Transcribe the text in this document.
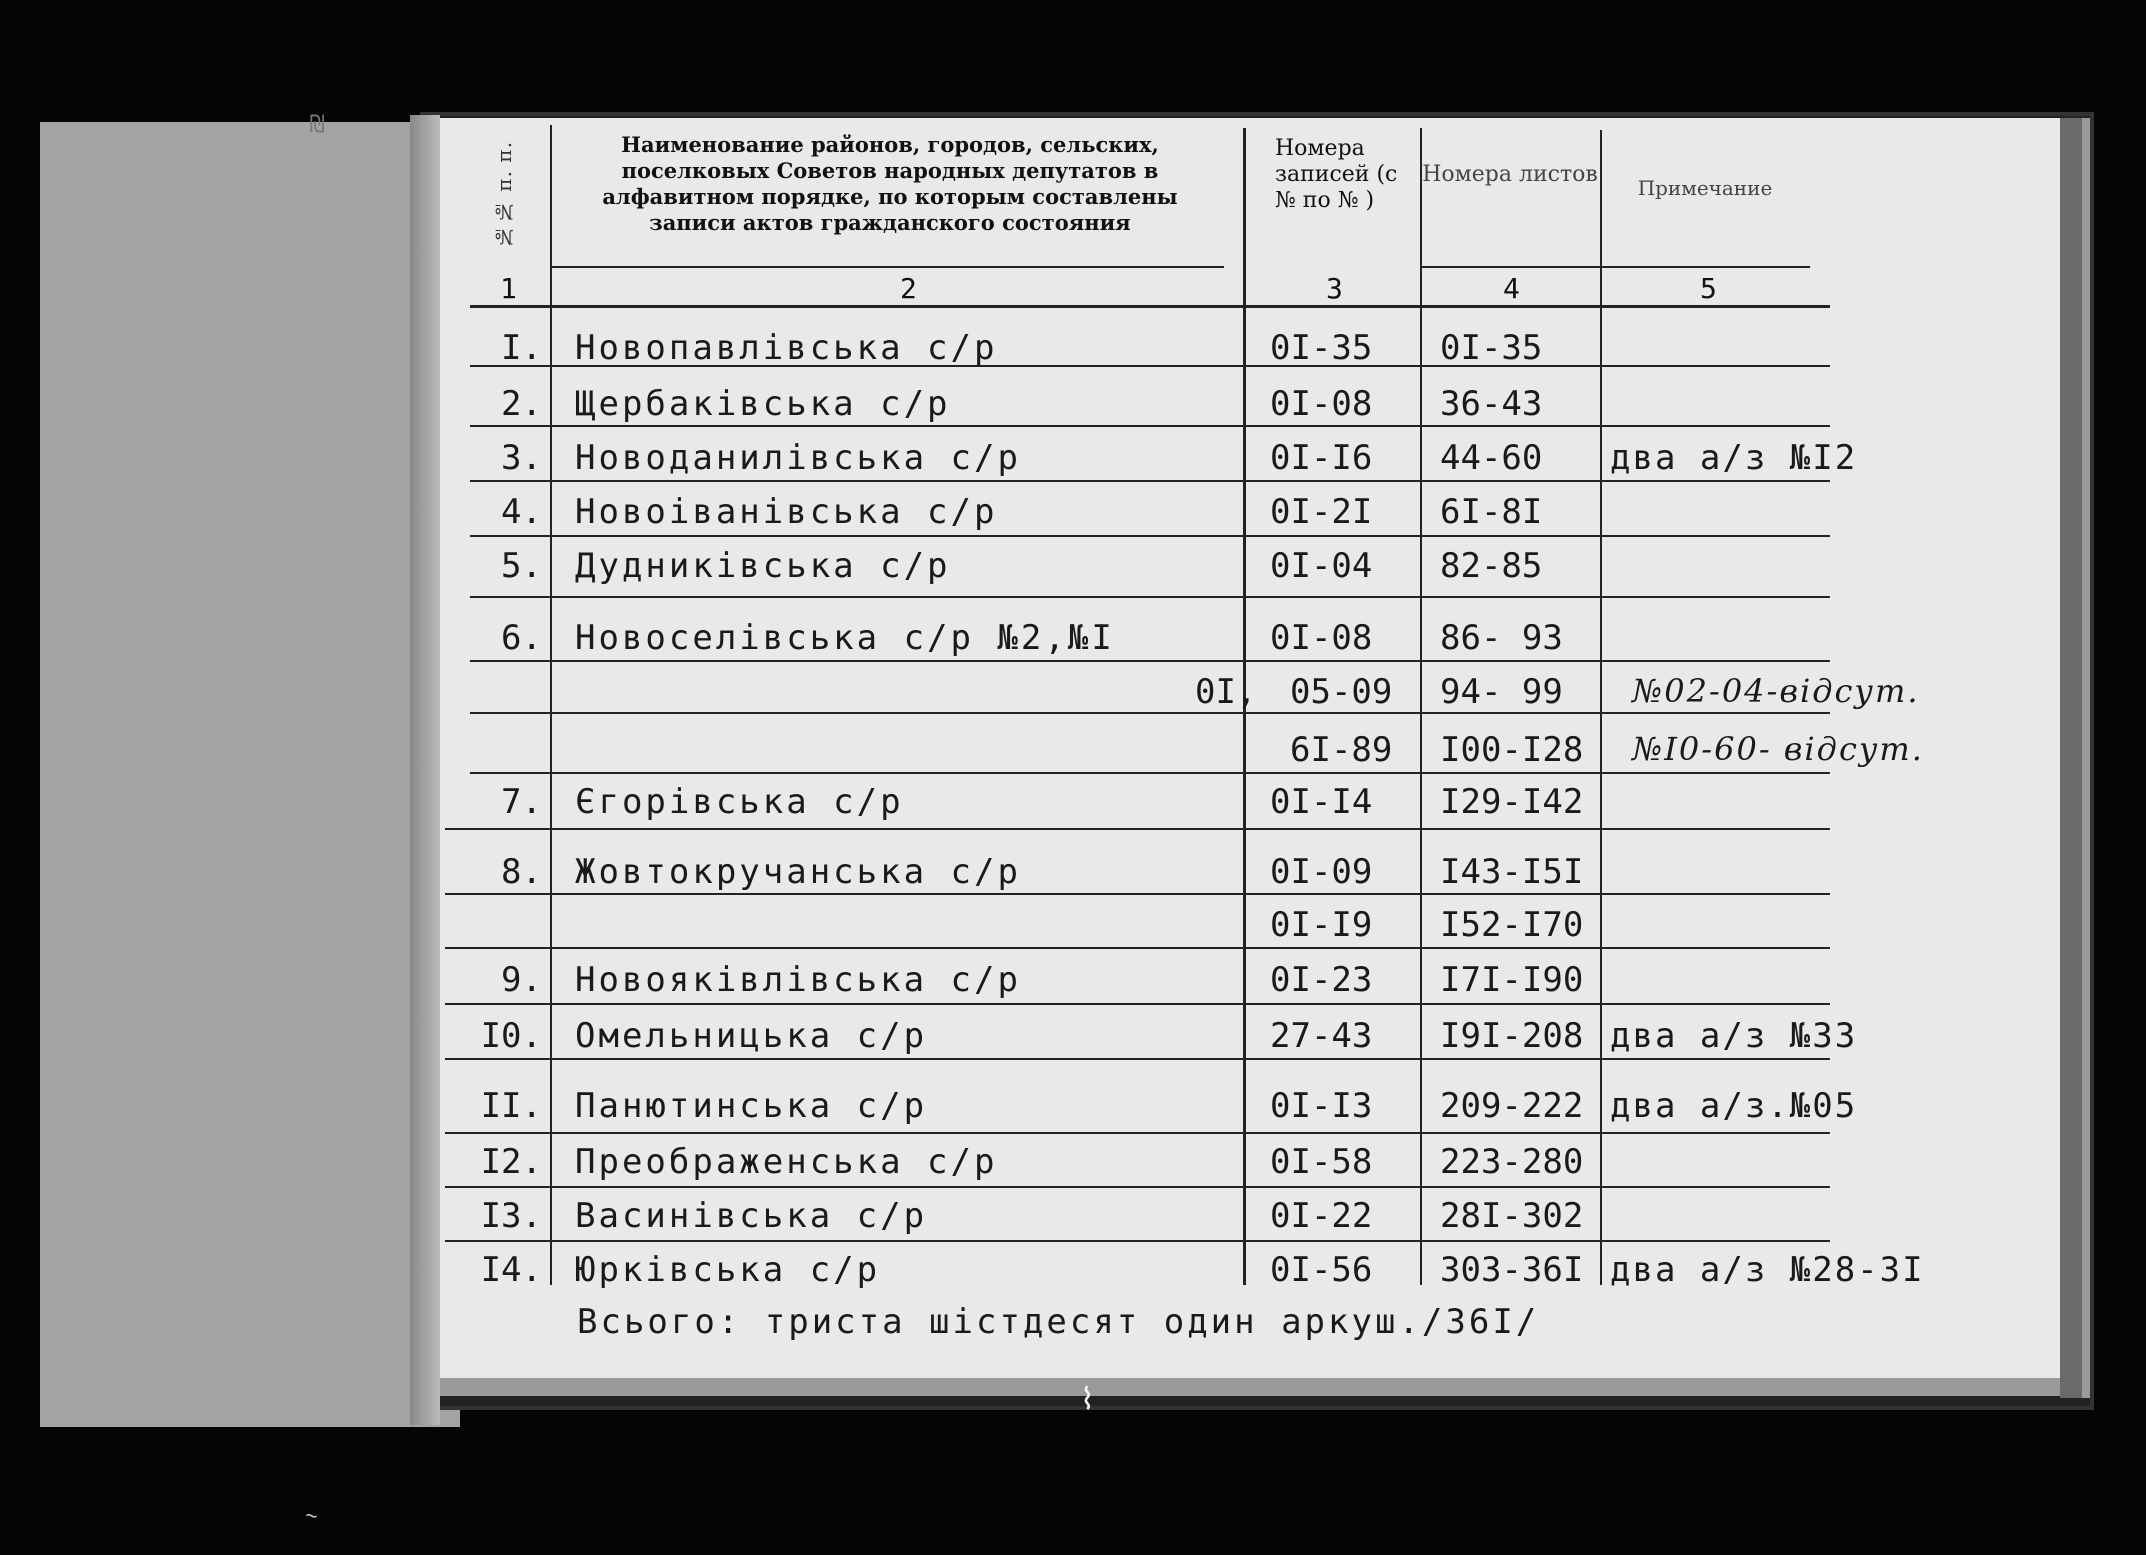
₪
⌇
~
№№ п. п.	Наименование районов, городов, сельских, поселковых Советов народных депутатов в алфавитном порядке, по которым составлены записи актов гражданского состояния
Номера записей (с № по № )
Номера листов
Примечание
1	2	3	4	5
I. Новопавлівська с/р	0I-35 0I-35
2. Щербаківська с/р	0I-08 36-43
3. Новоданилівська с/р	0I-I6 44-60 два а/з №I2
4. Новоіванівська с/р	0I-2I 6I-8I
5. Дудниківська с/р	0I-04 82-85
6. Новоселівська с/р №2,№I	0I-08 86- 93
0I, 05-09 94- 99 №02-04-відсут.
6I-89 I00-I28 №I0-60- відсут.
7. Єгорівська с/р	0I-I4 I29-I42
8. Жовтокручанська с/р	0I-09 I43-I5I
0I-I9 I52-I70
9. Новояківлівська с/р	0I-23 I7I-I90
I0. Омельницька с/р	27-43 I9I-208 два а/з №33
II. Панютинська с/р	0I-I3 209-222 два а/з.№05
I2. Преображенська с/р	0I-58 223-280
I3. Васинівська с/р	0I-22 28I-302
I4. Юрківська с/р	0I-56 303-36I два а/з №28-3I
Всього: триста шістдесят один аркуш./36I/
